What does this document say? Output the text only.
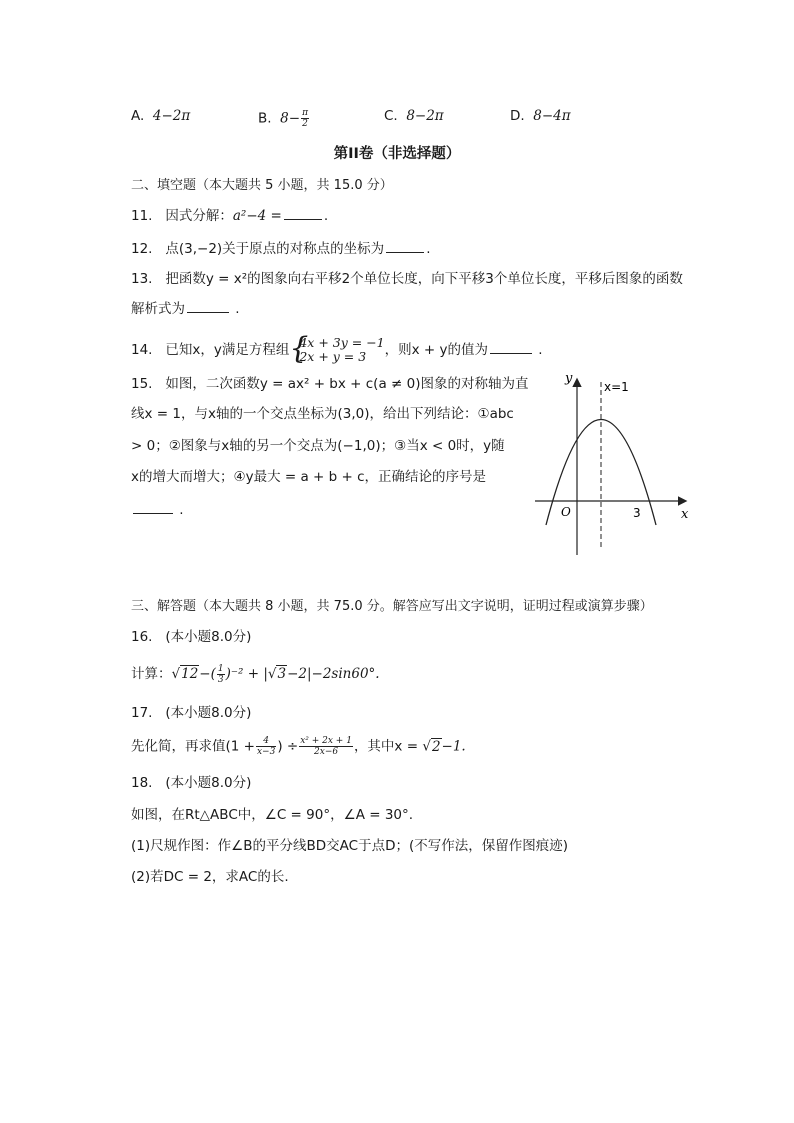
A. 4−2π	B. $8- \frac{\pi}{2}$	C. 8−2π	D. 8−4π
第II卷（非选择题）
二、填空题（本大题共 5 小题，共 15.0 分）
11. 因式分解：a²−4 =	.
12. 点(3,−2)关于原点的对称点的坐标为	.
13. 把函数y = x²的图象向右平移2个单位长度，向下平移3个单位长度，平移后图象的函数
解析式为	.
14. 已知x，y满足方程组 {
4x + 3y = −1
2x + y = 3	，则x + y的值为	.
15. 如图，二次函数y = ax² + bx + c(a ≠ 0)图象的对称轴为直
线x = 1，与x轴的一个交点坐标为(3,0)，给出下列结论：①abc
> 0；②图象与x轴的另一个交点为(−1,0)；③当x < 0时，y随
x的增大而增大；④y最大 = a + b + c，正确结论的序号是
.
y
x
O
x=1
3
三、解答题（本大题共 8 小题，共 75.0 分。解答应写出文字说明，证明过程或演算步骤）
16. (本小题8.0分)
计算：$√12-( \frac{1}{3} )^{-2} + |√3-2|-2\sin 60^\circ$.
17. (本小题8.0分)
先化简，再求值($1 + \frac{4}{x-3}$ ) ÷ $\frac{\text{x² + 2x + 1}}{2x-6}$ ，其中x = √2−1.
18. (本小题8.0分)
如图，在Rt△ABC中，∠C = 90°，∠A = 30°.
(1)尺规作图：作∠B的平分线BD交AC于点D；(不写作法，保留作图痕迹)
(2)若DC = 2，求AC的长.
